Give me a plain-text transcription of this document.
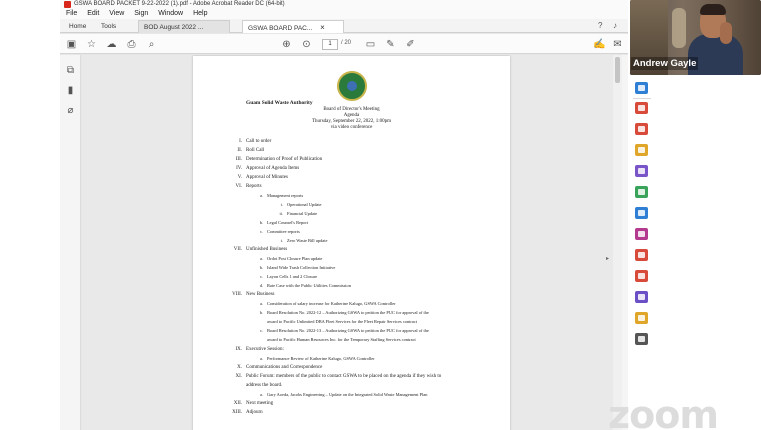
GSWA BOARD PACKET 9-22-2022 (1).pdf - Adobe Acrobat Reader DC (64-bit)
File Edit View Sign Window Help
Home	Tools	BOD August 2022 ...	GSWA BOARD PAC... ×	? ♪
▣ ☆ ☁ ⎙ ⌕	⊕ ⊙	1	/ 20 ▭ ✎ ✐	✍ ✉
⧉
▮
⌀
Guam Solid Waste Authority
Board of Director's Meeting
Agenda
Thursday, September 22, 2022, 1:00pm
via video conference
I. Call to order
II. Roll Call
III. Determination of Proof of Publication
IV. Approval of Agenda Items
V. Approval of Minutes
VI. Reports
a. Management reports
i. Operational Update
ii. Financial Update
b. Legal Counsel's Report
c. Committee reports
i. Zero Waste Bill update
VII. Unfinished Business
a. Ordot Post Closure Plan update
b. Island Wide Trash Collection Initiative
c. Layon Cells 1 and 2 Closure
d. Rate Case with the Public Utilities Commission
VIII. New Business
a. Consideration of salary increase for Katherine Kalugo, GSWA Controller
b. Board Resolution No. 2022-12 – Authorizing GSWA to petition the PUC for approval of the
award to Pacific Unlimited DBA Fleet Services for the Fleet Repair Services contract
c. Board Resolution No. 2022-13 – Authorizing GSWA to petition the PUC for approval of the
award to Pacific Human Resources Inc. for the Temporary Staffing Services contract
IX. Executive Session:
a. Performance Review of Katherine Kalugo, GSWA Controller
X. Communications and Correspondence
XI. Public Forum: members of the public to contact GSWA to be placed on the agenda if they wish to
address the board.
a. Gary Aoeda, Jacobs Engineering – Update on the Integrated Solid Waste Management Plan
XII. Next meeting
XIII. Adjourn
▸
Andrew Gayle
zoom
